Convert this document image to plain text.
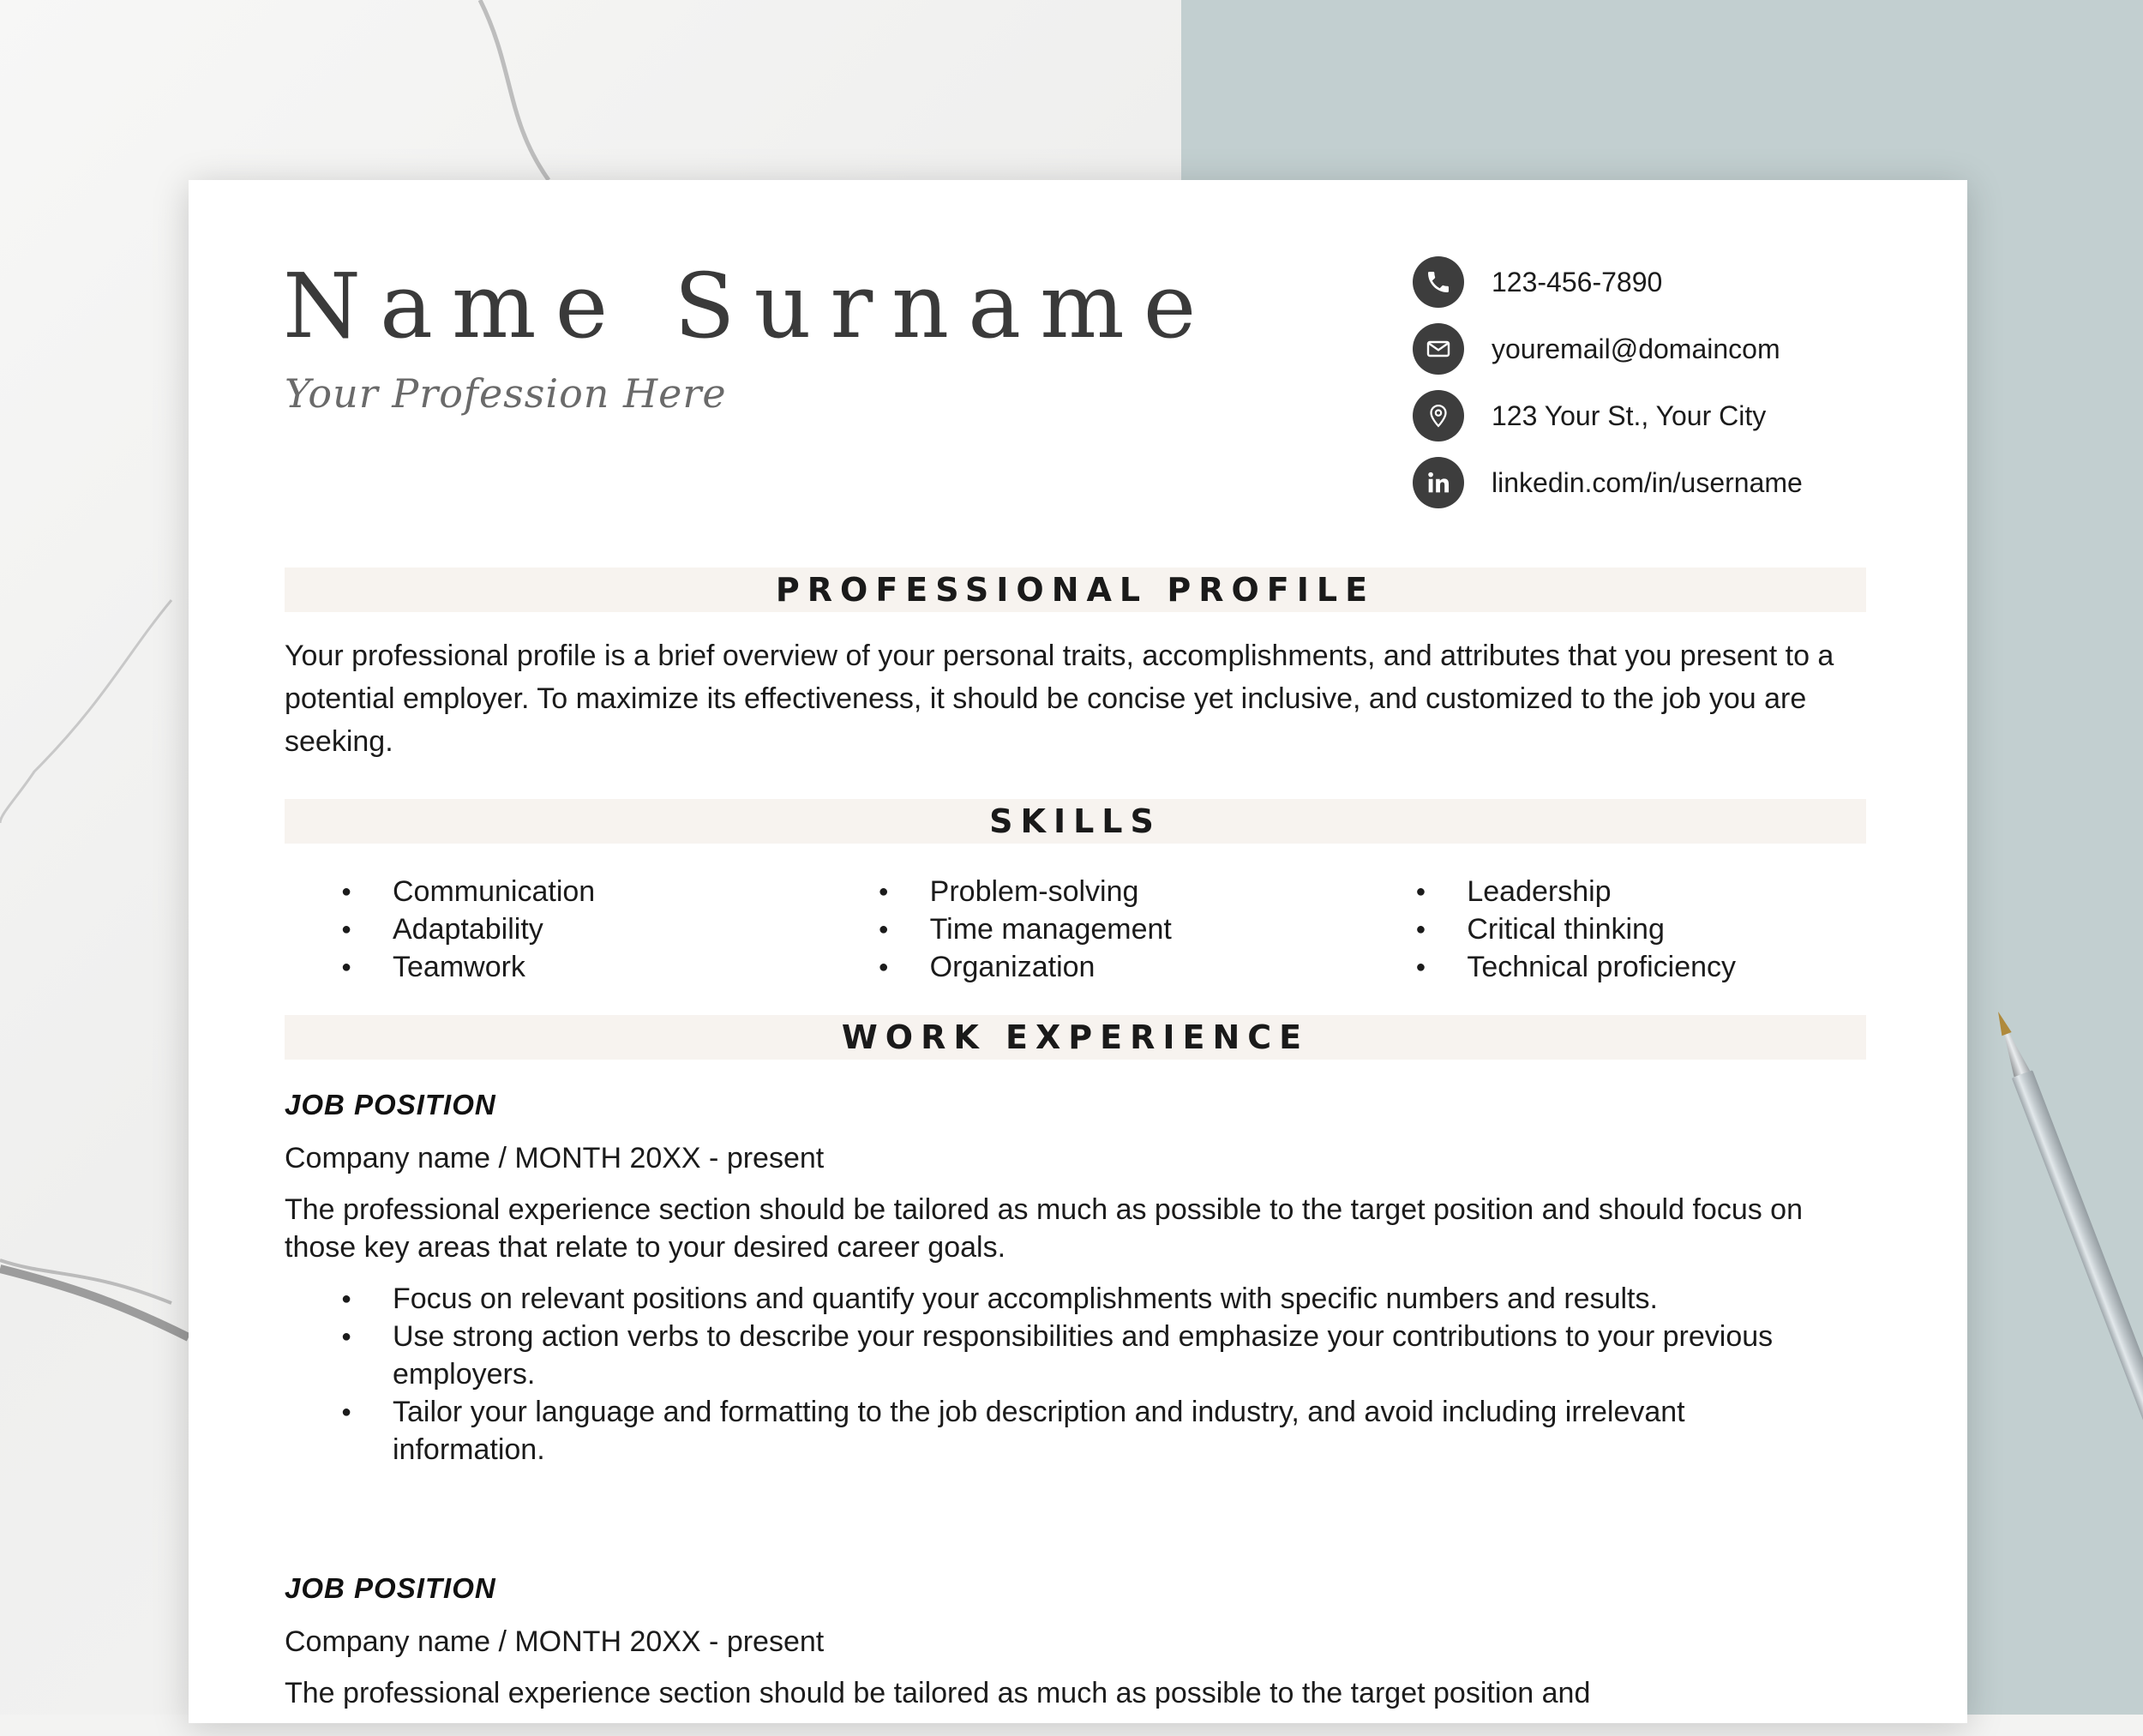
Name Surname

Your Profession Here

123-456-7890
youremail@domaincom
123 Your St., Your City
linkedin.com/in/username
PROFESSIONAL PROFILE

Your professional profile is a brief overview of your personal traits, accomplishments, and attributes that you present to a potential employer. To maximize its effectiveness, it should be concise yet inclusive, and customized to the job you are seeking.

SKILLS
● Communication
● Adaptability
● Teamwork
● Problem-solving
● Time management
● Organization
● Leadership
● Critical thinking
● Technical proficiency
WORK EXPERIENCE

JOB POSITION

Company name / MONTH 20XX - present

The professional experience section should be tailored as much as possible to the target position and should focus on those key areas that relate to your desired career goals.

● Focus on relevant positions and quantify your accomplishments with specific numbers and results.
● Use strong action verbs to describe your responsibilities and emphasize your contributions to your previous employers.
● Tailor your language and formatting to the job description and industry, and avoid including irrelevant information.

JOB POSITION

Company name / MONTH 20XX - present

The professional experience section should be tailored as much as possible to the target position and
